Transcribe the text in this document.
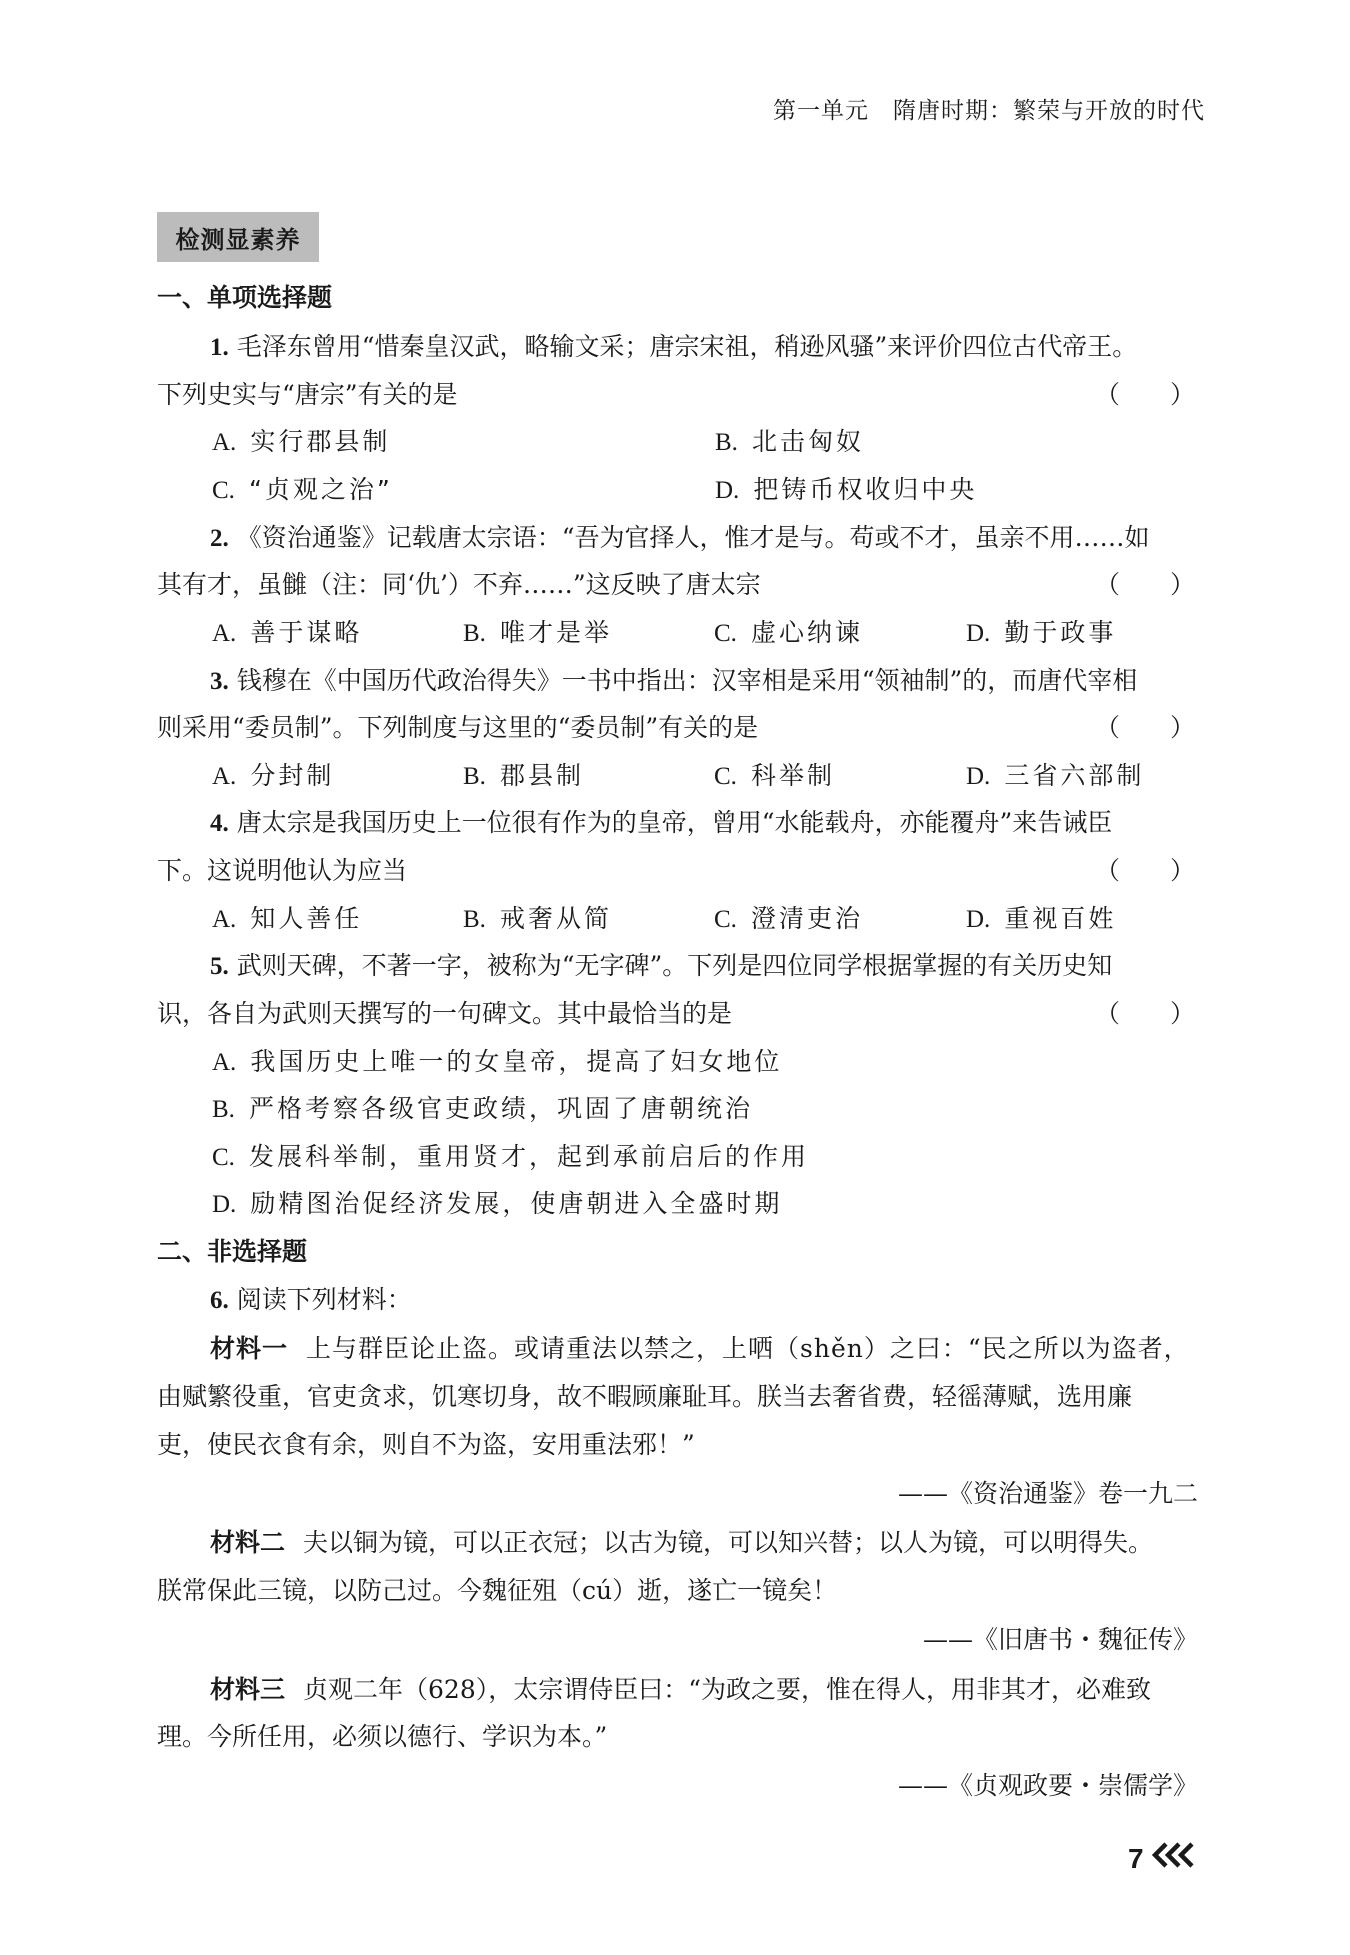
第一单元　隋唐时期：繁荣与开放的时代
检测显素养
一、单项选择题
1. 毛泽东曾用“惜秦皇汉武，略输文采；唐宗宋祖，稍逊风骚”来评价四位古代帝王。
下列史实与“唐宗”有关的是	（　　）
A. 实行郡县制	B. 北击匈奴
C. “贞观之治”	D. 把铸币权收归中央
2. 《资治通鉴》记载唐太宗语：“吾为官择人，惟才是与。苟或不才，虽亲不用……如
其有才，虽雠（注：同‘仇’）不弃……”这反映了唐太宗	（　　）
A. 善于谋略	B. 唯才是举	C. 虚心纳谏	D. 勤于政事
3. 钱穆在《中国历代政治得失》一书中指出：汉宰相是采用“领袖制”的，而唐代宰相
则采用“委员制”。下列制度与这里的“委员制”有关的是	（　　）
A. 分封制	B. 郡县制	C. 科举制	D. 三省六部制
4. 唐太宗是我国历史上一位很有作为的皇帝，曾用“水能载舟，亦能覆舟”来告诫臣
下。这说明他认为应当	（　　）
A. 知人善任	B. 戒奢从简	C. 澄清吏治	D. 重视百姓
5. 武则天碑，不著一字，被称为“无字碑”。下列是四位同学根据掌握的有关历史知
识，各自为武则天撰写的一句碑文。其中最恰当的是	（　　）
A. 我国历史上唯一的女皇帝，提高了妇女地位
B. 严格考察各级官吏政绩，巩固了唐朝统治
C. 发展科举制，重用贤才，起到承前启后的作用
D. 励精图治促经济发展，使唐朝进入全盛时期
二、非选择题
6. 阅读下列材料：
材料一 上与群臣论止盗。或请重法以禁之，上哂（shěn）之曰：“民之所以为盗者，
由赋繁役重，官吏贪求，饥寒切身，故不暇顾廉耻耳。朕当去奢省费，轻徭薄赋，选用廉
吏，使民衣食有余，则自不为盗，安用重法邪！”
——《资治通鉴》卷一九二
材料二 夫以铜为镜，可以正衣冠；以古为镜，可以知兴替；以人为镜，可以明得失。
朕常保此三镜，以防己过。今魏征殂（cú）逝，遂亡一镜矣！
——《旧唐书・魏征传》
材料三 贞观二年（628），太宗谓侍臣曰：“为政之要，惟在得人，用非其才，必难致
理。今所任用，必须以德行、学识为本。”
——《贞观政要・崇儒学》
7
